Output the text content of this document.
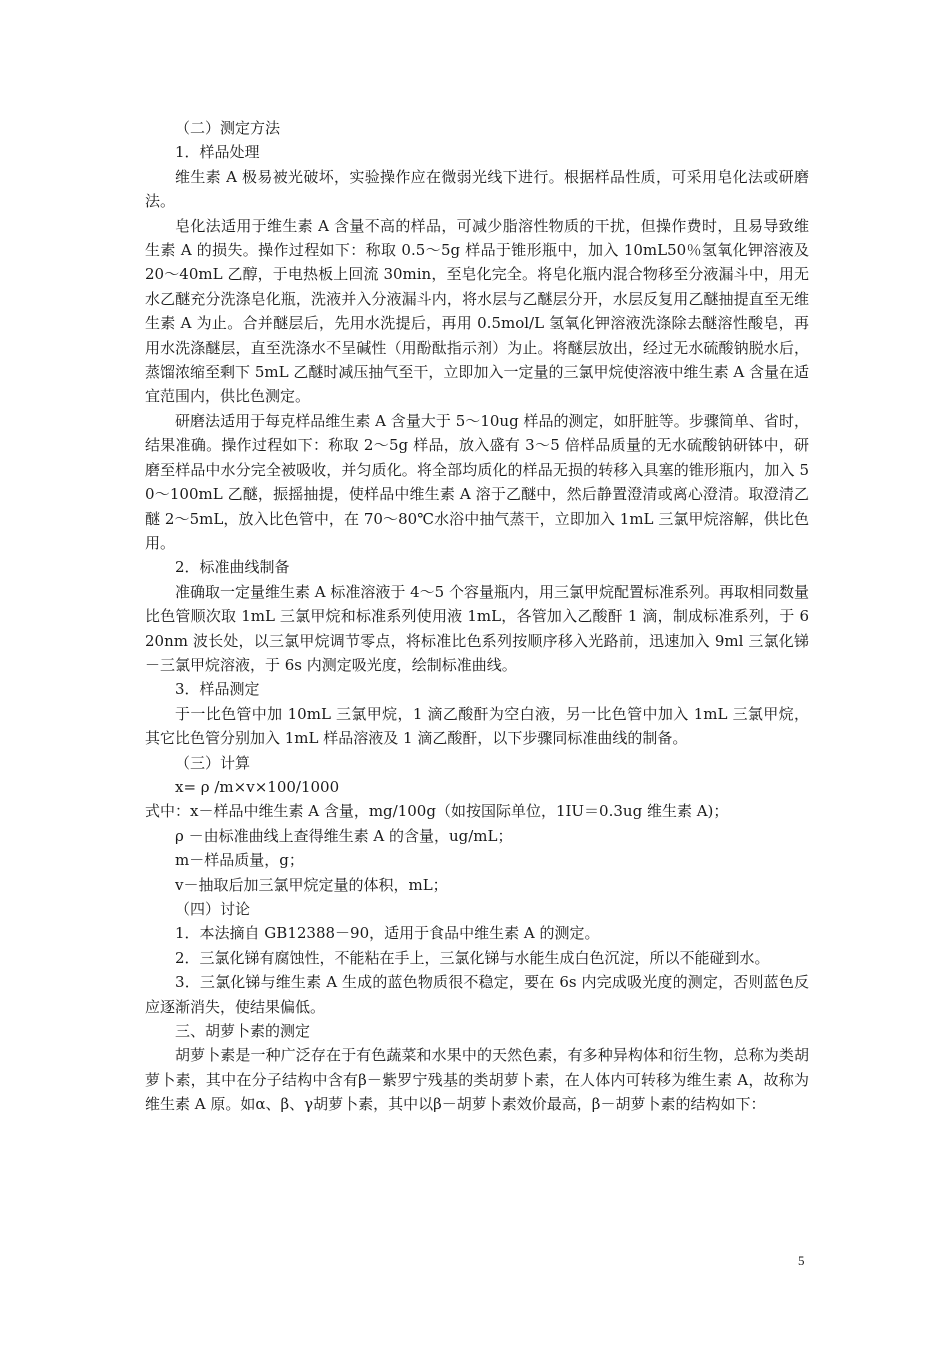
（二）测定方法

1．样品处理

维生素 A 极易被光破坏，实验操作应在微弱光线下进行。根据样品性质，可采用皂化法或研磨法。

皂化法适用于维生素 A 含量不高的样品，可减少脂溶性物质的干扰，但操作费时，且易导致维生素 A 的损失。操作过程如下：称取 0.5～5g 样品于锥形瓶中，加入 10mL50％氢氧化钾溶液及 20～40mL 乙醇，于电热板上回流 30min，至皂化完全。将皂化瓶内混合物移至分液漏斗中，用无水乙醚充分洗涤皂化瓶，洗液并入分液漏斗内，将水层与乙醚层分开，水层反复用乙醚抽提直至无维生素 A 为止。合并醚层后，先用水洗提后，再用 0.5mol/L 氢氧化钾溶液洗涤除去醚溶性酸皂，再用水洗涤醚层，直至洗涤水不呈碱性（用酚酞指示剂）为止。将醚层放出，经过无水硫酸钠脱水后，蒸馏浓缩至剩下 5mL 乙醚时减压抽气至干，立即加入一定量的三氯甲烷使溶液中维生素 A 含量在适宜范围内，供比色测定。

研磨法适用于每克样品维生素 A 含量大于 5～10ug 样品的测定，如肝脏等。步骤简单、省时，结果准确。操作过程如下：称取 2～5g 样品，放入盛有 3～5 倍样品质量的无水硫酸钠研钵中，研磨至样品中水分完全被吸收，并匀质化。将全部均质化的样品无损的转移入具塞的锥形瓶内，加入 50～100mL 乙醚，振摇抽提，使样品中维生素 A 溶于乙醚中，然后静置澄清或离心澄清。取澄清乙醚 2～5mL，放入比色管中，在 70～80℃水浴中抽气蒸干，立即加入 1mL 三氯甲烷溶解，供比色用。

2．标准曲线制备

准确取一定量维生素 A 标准溶液于 4～5 个容量瓶内，用三氯甲烷配置标准系列。再取相同数量比色管顺次取 1mL 三氯甲烷和标准系列使用液 1mL，各管加入乙酸酐 1 滴，制成标准系列，于 620nm 波长处，以三氯甲烷调节零点，将标准比色系列按顺序移入光路前，迅速加入 9ml 三氯化锑－三氯甲烷溶液，于 6s 内测定吸光度，绘制标准曲线。

3．样品测定

于一比色管中加 10mL 三氯甲烷，1 滴乙酸酐为空白液，另一比色管中加入 1mL 三氯甲烷，其它比色管分别加入 1mL 样品溶液及 1 滴乙酸酐，以下步骤同标准曲线的制备。

（三）计算

x= ρ /m×v×100/1000

式中：x－样品中维生素 A 含量，mg/100g（如按国际单位，1IU＝0.3ug 维生素 A)；

ρ －由标准曲线上查得维生素 A 的含量，ug/mL；

m－样品质量，g；

v－抽取后加三氯甲烷定量的体积，mL；

（四）讨论

1．本法摘自 GB12388－90，适用于食品中维生素 A 的测定。

2．三氯化锑有腐蚀性，不能粘在手上，三氯化锑与水能生成白色沉淀，所以不能碰到水。

3．三氯化锑与维生素 A 生成的蓝色物质很不稳定，要在 6s 内完成吸光度的测定，否则蓝色反应逐渐消失，使结果偏低。

三、胡萝卜素的测定

胡萝卜素是一种广泛存在于有色蔬菜和水果中的天然色素，有多种异构体和衍生物，总称为类胡萝卜素，其中在分子结构中含有β－紫罗宁残基的类胡萝卜素，在人体内可转移为维生素 A，故称为维生素 A 原。如α、β、γ胡萝卜素，其中以β－胡萝卜素效价最高，β－胡萝卜素的结构如下：

5
